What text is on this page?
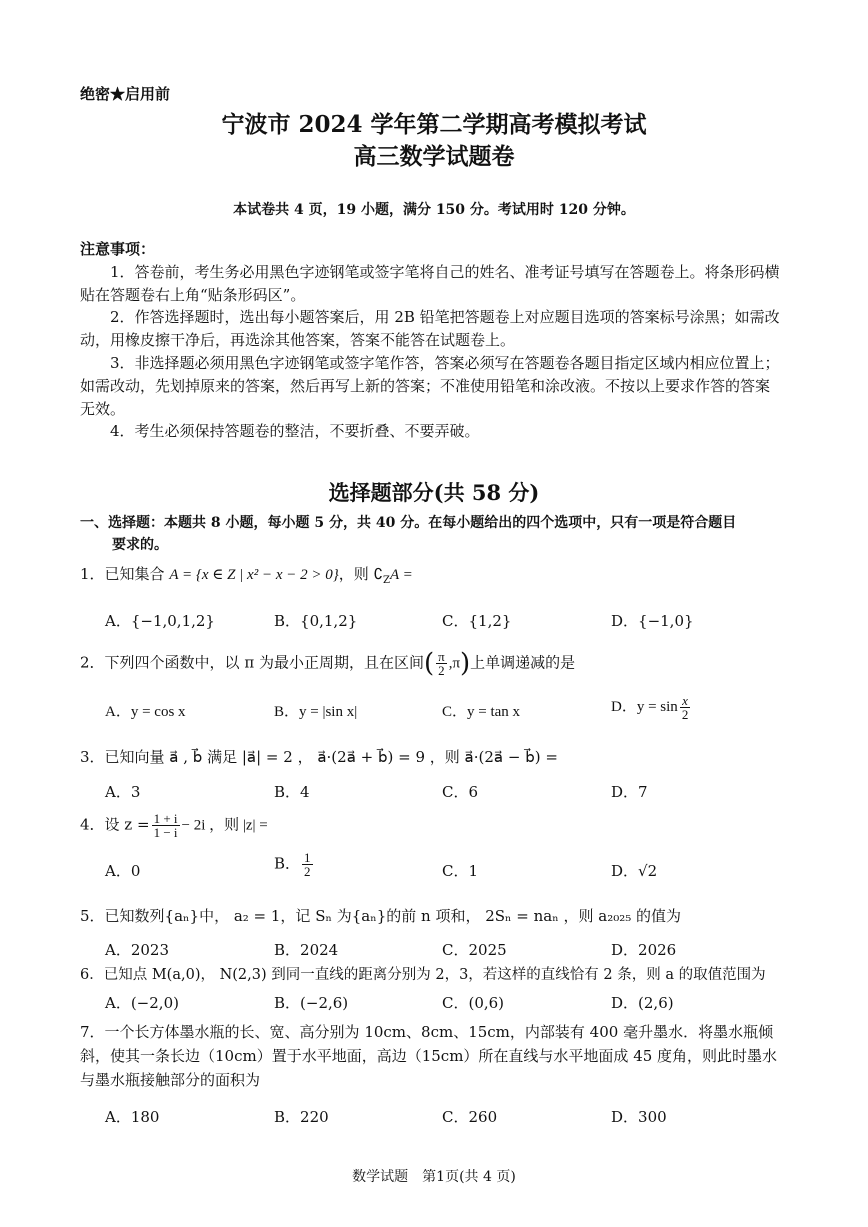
绝密★启用前
宁波市 2024 学年第二学期高考模拟考试
高三数学试题卷
本试卷共 4 页，19 小题，满分 150 分。考试用时 120 分钟。
注意事项：
1．答卷前，考生务必用黑色字迹钢笔或签字笔将自己的姓名、准考证号填写在答题卷上。将条形码横贴在答题卷右上角“贴条形码区”。
2．作答选择题时，选出每小题答案后，用 2B 铅笔把答题卷上对应题目选项的答案标号涂黑；如需改动，用橡皮擦干净后，再选涂其他答案，答案不能答在试题卷上。
3．非选择题必须用黑色字迹钢笔或签字笔作答，答案必须写在答题卷各题目指定区域内相应位置上；如需改动，先划掉原来的答案，然后再写上新的答案；不准使用铅笔和涂改液。不按以上要求作答的答案无效。
4．考生必须保持答题卷的整洁，不要折叠、不要弄破。
选择题部分(共 58 分)
一、选择题：本题共 8 小题，每小题 5 分，共 40 分。在每小题给出的四个选项中，只有一项是符合题目
要求的。
1．已知集合 A = {x ∈ Z | x² − x − 2 > 0}，则 $∁_ZA$ =
A．{−1,0,1,2}	B．{0,1,2}	C．{1,2}	D．{−1,0}
2．下列四个函数中，以 π 为最小正周期，且在区间( $\frac{\pi}{2} ,\pi$)上单调递减的是
A．y = cos x	B．y = |sin x|	C．y = tan x	D．$y = \sin \frac{x}{2}$
3．已知向量 a⃗ , b⃗ 满足 |a⃗| = 2 ， a⃗·(2a⃗ + b⃗) = 9 ，则 a⃗·(2a⃗ − b⃗) =
A．3	B．4	C．6	D．7
4．设 $z = \frac{1 + i}{1 - i} - 2i$ ，则 |z| =
A．0	B． $\frac{1}{2}$	C．1	D．√2
5．已知数列{aₙ}中， a₂ = 1，记 Sₙ 为{aₙ}的前 n 项和， 2Sₙ = naₙ ，则 a₂₀₂₅ 的值为
A．2023	B．2024	C．2025	D．2026
6．已知点 M(a,0)， N(2,3) 到同一直线的距离分别为 2，3，若这样的直线恰有 2 条，则 a 的取值范围为
A．(−2,0)	B．(−2,6)	C．(0,6)	D．(2,6)
7．一个长方体墨水瓶的长、宽、高分别为 10cm、8cm、15cm，内部装有 400 毫升墨水．将墨水瓶倾斜，使其一条长边（10cm）置于水平地面，高边（15cm）所在直线与水平地面成 45 度角，则此时墨水与墨水瓶接触部分的面积为
A．180	B．220	C．260	D．300
数学试题　第1页(共 4 页)
